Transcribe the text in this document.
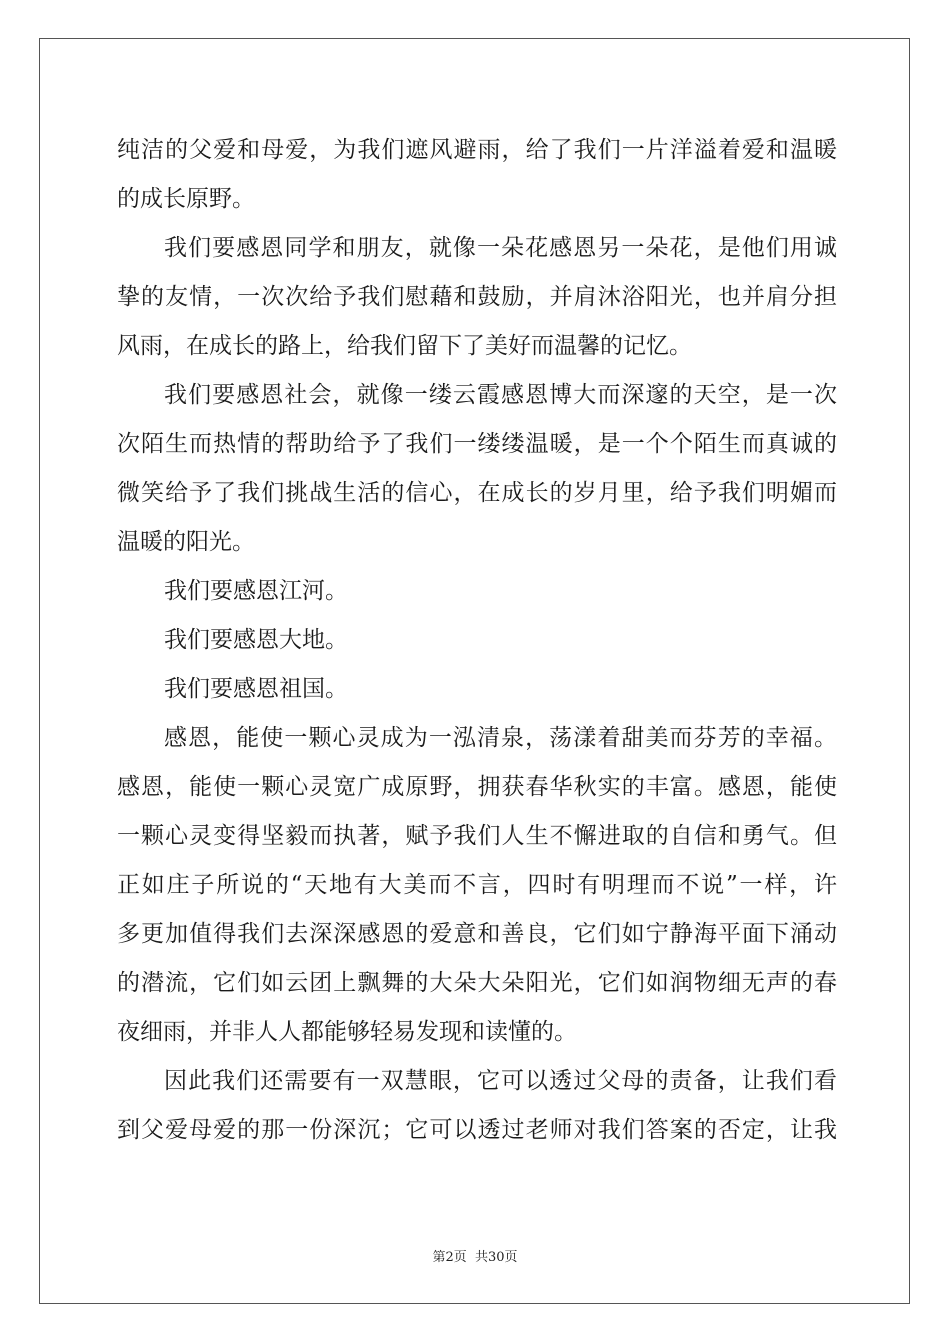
纯洁的父爱和母爱，为我们遮风避雨，给了我们一片洋溢着爱和温暖
的成长原野。
我们要感恩同学和朋友，就像一朵花感恩另一朵花，是他们用诚
挚的友情，一次次给予我们慰藉和鼓励，并肩沐浴阳光，也并肩分担
风雨，在成长的路上，给我们留下了美好而温馨的记忆。
我们要感恩社会，就像一缕云霞感恩博大而深邃的天空，是一次
次陌生而热情的帮助给予了我们一缕缕温暖，是一个个陌生而真诚的
微笑给予了我们挑战生活的信心，在成长的岁月里，给予我们明媚而
温暖的阳光。
我们要感恩江河。
我们要感恩大地。
我们要感恩祖国。
感恩，能使一颗心灵成为一泓清泉，荡漾着甜美而芬芳的幸福。
感恩，能使一颗心灵宽广成原野，拥获春华秋实的丰富。感恩，能使
一颗心灵变得坚毅而执著，赋予我们人生不懈进取的自信和勇气。但
正如庄子所说的“天地有大美而不言，四时有明理而不说”一样，许
多更加值得我们去深深感恩的爱意和善良，它们如宁静海平面下涌动
的潜流，它们如云团上飘舞的大朵大朵阳光，它们如润物细无声的春
夜细雨，并非人人都能够轻易发现和读懂的。
因此我们还需要有一双慧眼，它可以透过父母的责备，让我们看
到父爱母爱的那一份深沉；它可以透过老师对我们答案的否定，让我
第2页 共30页
